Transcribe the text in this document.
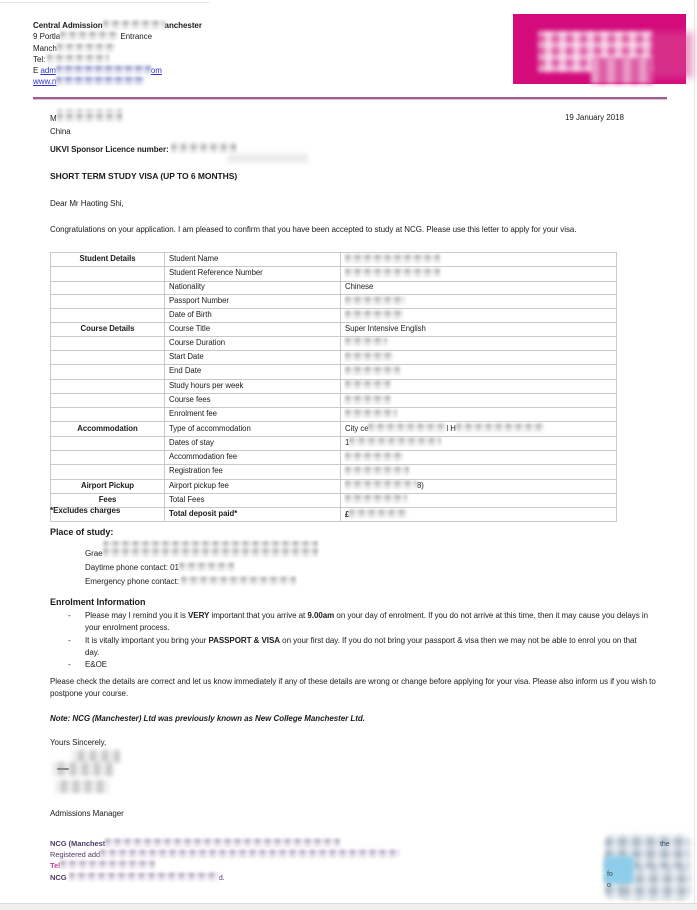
Central Admission	anchester
9 Portla	Entrance
Manch
Tel:
E adm	om
www.n
M
China
19 January 2018
UKVI Sponsor Licence number:
SHORT TERM STUDY VISA (UP TO 6 MONTHS)
Dear Mr Haoting Shi,
Congratulations on your application. I am pleased to confirm that you have been accepted to study at NCG. Please use this letter to apply for your visa.
Student Details	Student Name	
	Student Reference Number	
	Nationality	Chinese
	Passport Number	
	Date of Birth	
Course Details	Course Title	Super Intensive English
	Course Duration	
	Start Date	
	End Date	
	Study hours per week	
	Course fees	
	Enrolment fee	
Accommodation	Type of accommodation	City ce l H
	Dates of stay	1
	Accommodation fee	
	Registration fee	
Airport Pickup	Airport pickup fee	8)
Fees	Total Fees	
	Total deposit paid*	£
*Excludes charges
Place of study:
Grae
Daytime phone contact: 01
Emergency phone contact:
Enrolment Information
-	Please may I remind you it is VERY important that you arrive at 9.00am on your day of enrolment. If you do not arrive at this time, then it may cause you delays in your enrolment process.
-	It is vitally important you bring your PASSPORT & VISA on your first day. If you do not bring your passport & visa then we may not be able to enrol you on that day.
-	E&OE
Please check the details are correct and let us know immediately if any of these details are wrong or change before applying for your visa. Please also inform us if you wish to postpone your course.
Note: NCG (Manchester) Ltd was previously known as New College Manchester Ltd.
Yours Sincerely,
Admissions Manager
NCG (Manchest
Registered add
Tel
NCG	d.
the
fo
o
